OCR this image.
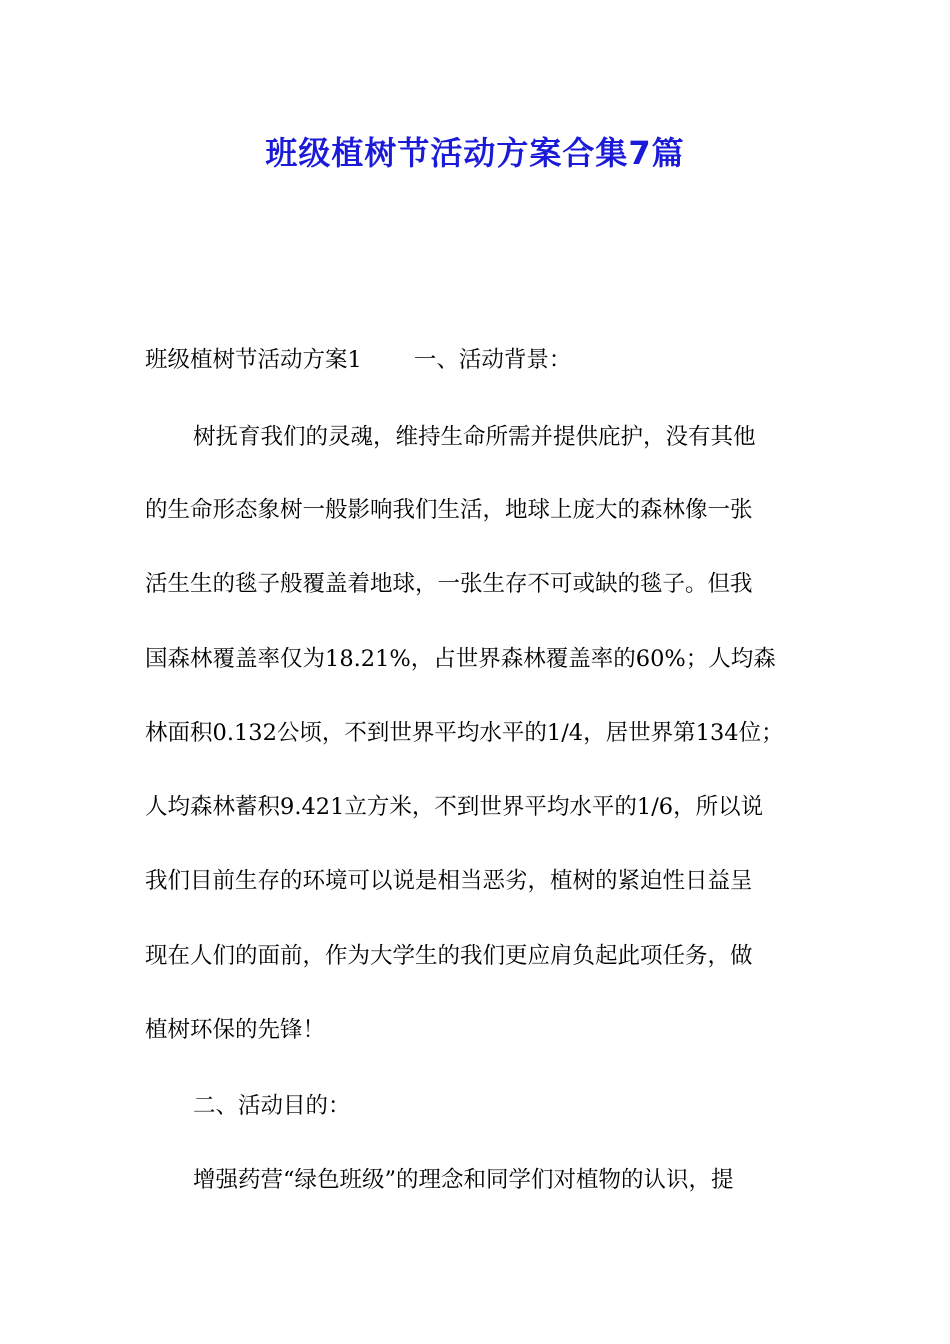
班级植树节活动方案合集7篇
班级植树节活动方案1 一、活动背景：
树抚育我们的灵魂，维持生命所需并提供庇护，没有其他
的生命形态象树一般影响我们生活，地球上庞大的森林像一张
活生生的毯子般覆盖着地球，一张生存不可或缺的毯子。但我
国森林覆盖率仅为18.21%，占世界森林覆盖率的60%；人均森
林面积0.132公顷，不到世界平均水平的1/4，居世界第134位；
人均森林蓄积9.421立方米，不到世界平均水平的1/6，所以说
我们目前生存的环境可以说是相当恶劣，植树的紧迫性日益呈
现在人们的面前，作为大学生的我们更应肩负起此项任务，做
植树环保的先锋！
二、活动目的：
增强药营“绿色班级”的理念和同学们对植物的认识，提
